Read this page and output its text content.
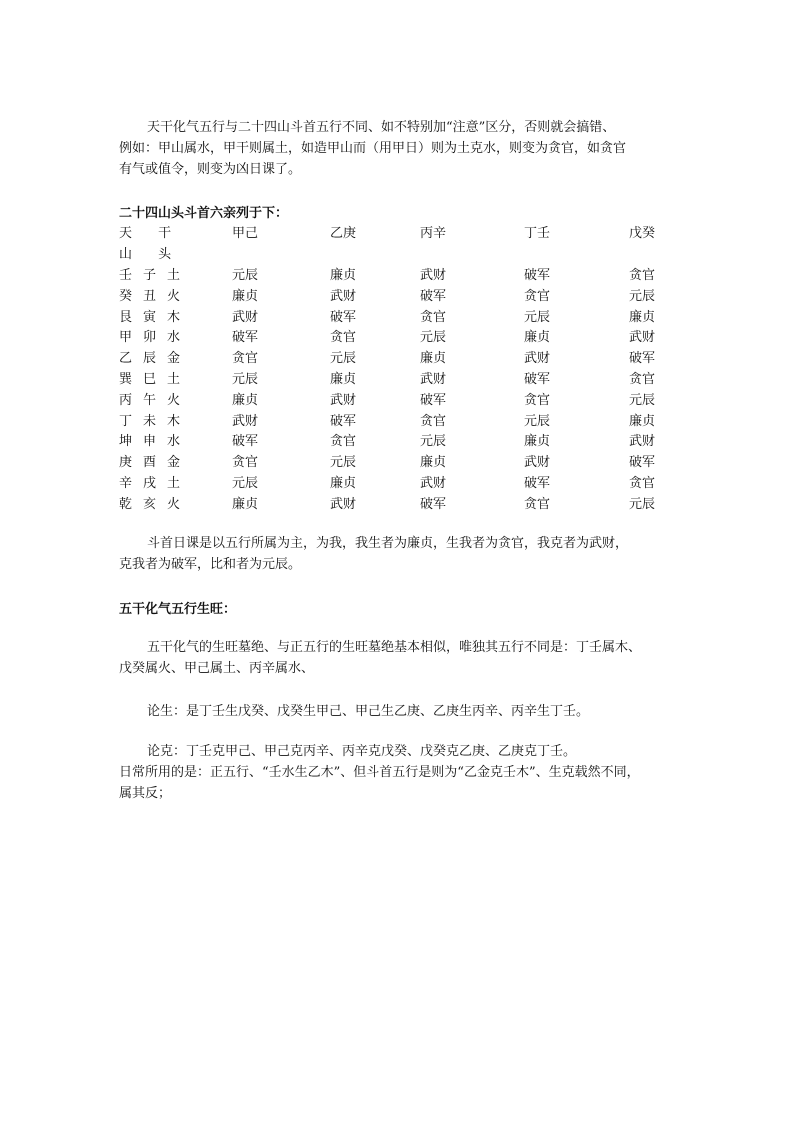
天干化气五行与二十四山斗首五行不同、如不特别加“注意”区分，否则就会搞错、
例如：甲山属水，甲干则属土，如造甲山而（用甲日）则为土克水，则变为贪官，如贪官
有气或值令，则变为凶日课了。
二十四山头斗首六亲列于下：
天 干	甲己	乙庚	丙辛	丁壬	戊癸
山 头
壬子土	元辰	廉贞	武财	破军	贪官
癸丑火	廉贞	武财	破军	贪官	元辰
艮寅木	武财	破军	贪官	元辰	廉贞
甲卯水	破军	贪官	元辰	廉贞	武财
乙辰金	贪官	元辰	廉贞	武财	破军
巽巳土	元辰	廉贞	武财	破军	贪官
丙午火	廉贞	武财	破军	贪官	元辰
丁未木	武财	破军	贪官	元辰	廉贞
坤申水	破军	贪官	元辰	廉贞	武财
庚酉金	贪官	元辰	廉贞	武财	破军
辛戌土	元辰	廉贞	武财	破军	贪官
乾亥火	廉贞	武财	破军	贪官	元辰
斗首日课是以五行所属为主，为我，我生者为廉贞，生我者为贪官，我克者为武财，
克我者为破军，比和者为元辰。
五干化气五行生旺：
五干化气的生旺墓绝、与正五行的生旺墓绝基本相似，唯独其五行不同是：丁壬属木、
戊癸属火、甲己属土、丙辛属水、
论生：是丁壬生戊癸、戊癸生甲己、甲己生乙庚、乙庚生丙辛、丙辛生丁壬。
论克：丁壬克甲己、甲己克丙辛、丙辛克戊癸、戊癸克乙庚、乙庚克丁壬。
日常所用的是：正五行、“壬水生乙木”、但斗首五行是则为“乙金克壬木”、生克载然不同，
属其反；
